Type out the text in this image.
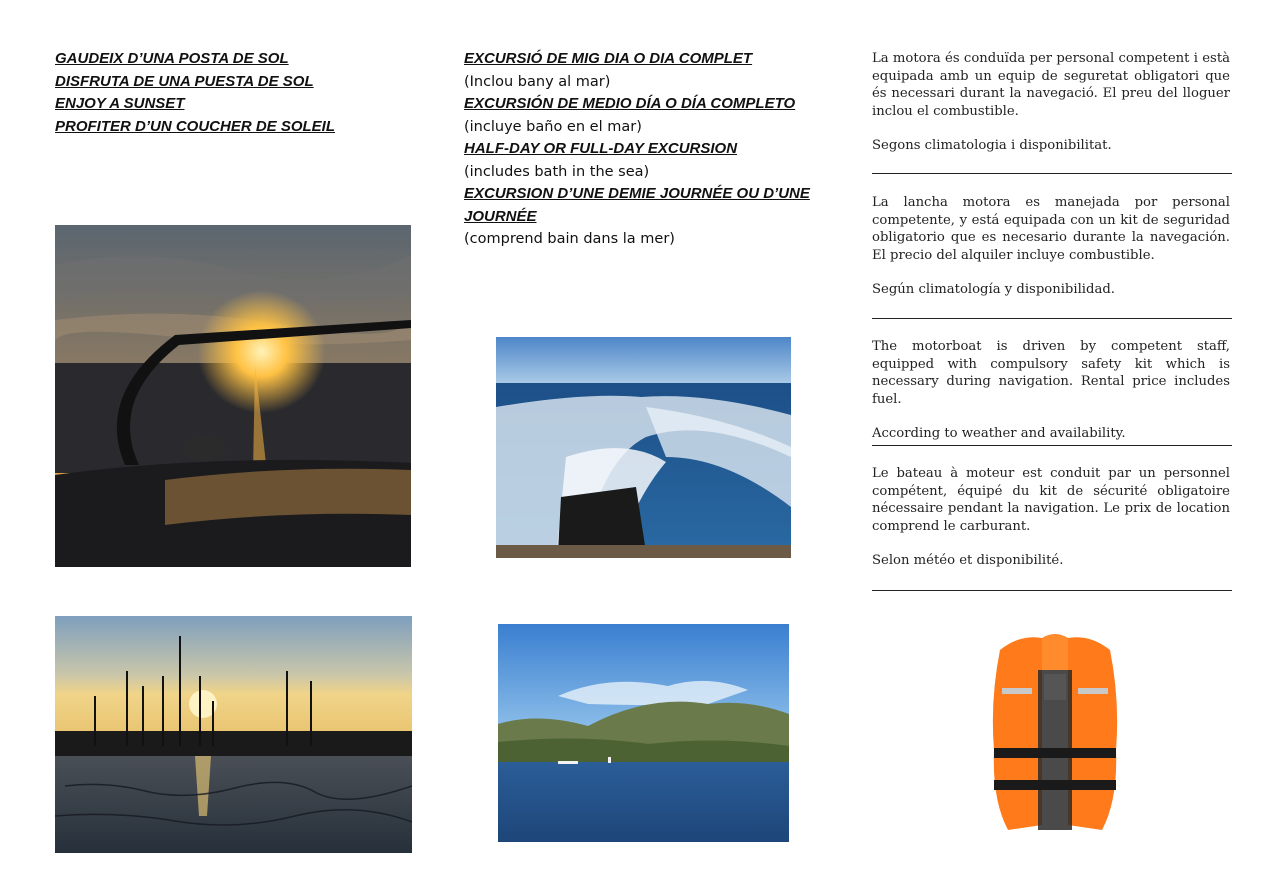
GAUDEIX D’UNA POSTA DE SOL
DISFRUTA DE UNA PUESTA DE SOL
ENJOY A SUNSET
PROFITER D’UN COUCHER DE SOLEIL
EXCURSIÓ DE MIG DIA O DIA COMPLET
(Inclou bany al mar)
EXCURSIÓN DE MEDIO DÍA O DÍA COMPLETO
(incluye baño en el mar)
HALF-DAY OR FULL-DAY EXCURSION
(includes bath in the sea)
EXCURSION D’UNE DEMIE JOURNÉE OU D’UNE JOURNÉE
(comprend bain dans la mer)

La motora és conduïda per personal competent i està equipada amb un equip de seguretat obligatori que és necessari durant la navegació. El preu del lloguer inclou el combustible.

Segons climatologia i disponibilitat.

La lancha motora es manejada por personal competente, y está equipada con un kit de seguridad obligatorio que es necesario durante la navegación. El precio del alquiler incluye combustible.

Según climatología y disponibilidad.

The motorboat is driven by competent staff, equipped with compulsory safety kit which is necessary during navigation. Rental price includes fuel.

According to weather and availability.

Le bateau à moteur est conduit par un personnel compétent, équipé du kit de sécurité obligatoire nécessaire pendant la navigation. Le prix de location comprend le carburant.

Selon météo et disponibilité.
